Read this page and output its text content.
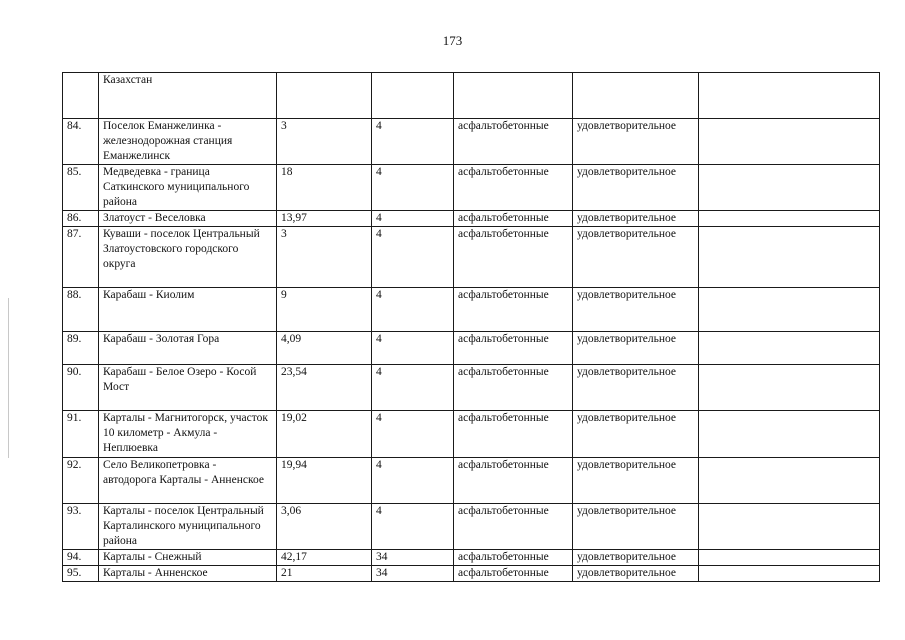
173
	Казахстан					
84.	Поселок Еманжелинка - железнодорожная станция Еманжелинск	3	4	асфальтобетонные	удовлетворительное	
85.	Медведевка - граница Саткинского муниципального района	18	4	асфальтобетонные	удовлетворительное	
86.	Златоуст - Веселовка	13,97	4	асфальтобетонные	удовлетворительное	
87.	Куваши - поселок Центральный Златоустовского городского округа	3	4	асфальтобетонные	удовлетворительное	
88.	Карабаш - Киолим	9	4	асфальтобетонные	удовлетворительное	
89.	Карабаш - Золотая Гора	4,09	4	асфальтобетонные	удовлетворительное	
90.	Карабаш - Белое Озеро - Косой Мост	23,54	4	асфальтобетонные	удовлетворительное	
91.	Карталы - Магнитогорск, участок 10 километр - Акмула - Неплюевка	19,02	4	асфальтобетонные	удовлетворительное	
92.	Село Великопетровка - автодорога Карталы - Анненское	19,94	4	асфальтобетонные	удовлетворительное	
93.	Карталы - поселок Центральный Карталинского муниципального района	3,06	4	асфальтобетонные	удовлетворительное	
94.	Карталы - Снежный	42,17	34	асфальтобетонные	удовлетворительное	
95.	Карталы - Анненское	21	34	асфальтобетонные	удовлетворительное	
